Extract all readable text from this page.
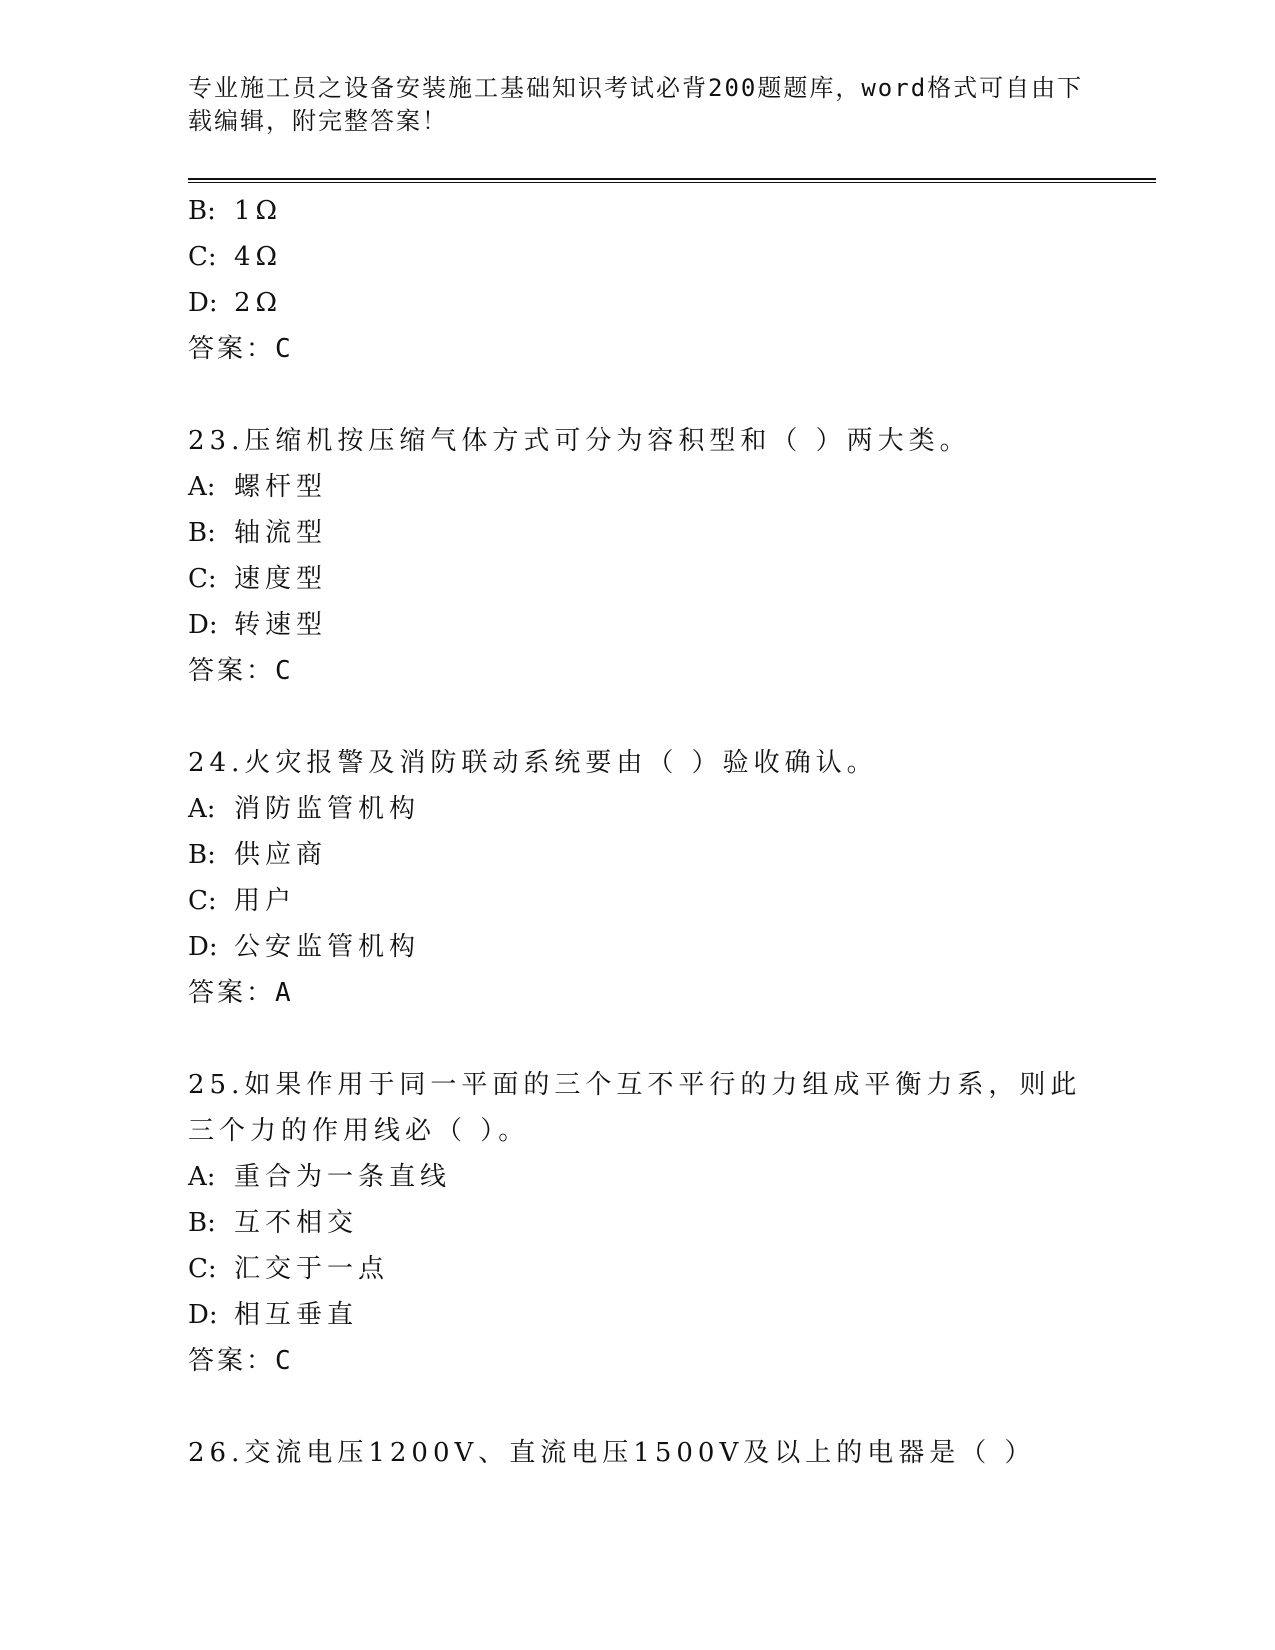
专业施工员之设备安装施工基础知识考试必背200题题库，word格式可自由下载编辑，附完整答案！
B: 1Ω
C: 4Ω
D: 2Ω
答案：C
23.压缩机按压缩气体方式可分为容积型和（ ）两大类。
A: 螺杆型
B: 轴流型
C: 速度型
D: 转速型
答案：C
24.火灾报警及消防联动系统要由（ ）验收确认。
A: 消防监管机构
B: 供应商
C: 用户
D: 公安监管机构
答案：A
25.如果作用于同一平面的三个互不平行的力组成平衡力系，则此三个力的作用线必（ ）。
A: 重合为一条直线
B: 互不相交
C: 汇交于一点
D: 相互垂直
答案：C
26.交流电压1200V、直流电压1500V及以上的电器是（ ）
